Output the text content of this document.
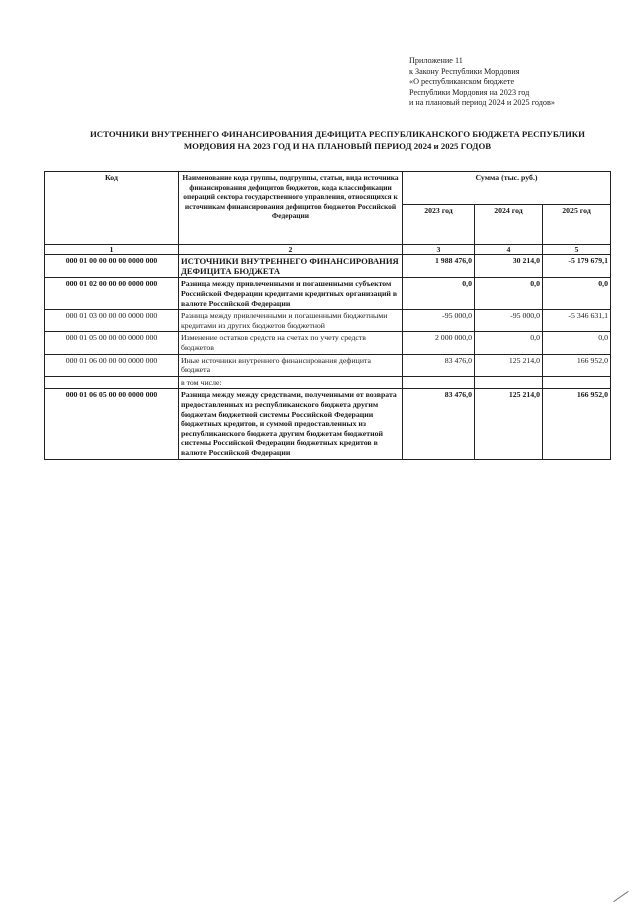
Приложение 11
к Закону Республики Мордовия
«О республиканском бюджете
Республики Мордовия на 2023 год
и на плановый период 2024 и 2025 годов»
ИСТОЧНИКИ ВНУТРЕННЕГО ФИНАНСИРОВАНИЯ ДЕФИЦИТА РЕСПУБЛИКАНСКОГО БЮДЖЕТА РЕСПУБЛИКИ
МОРДОВИЯ НА 2023 ГОД И НА ПЛАНОВЫЙ ПЕРИОД 2024 и 2025 ГОДОВ
Код	Наименование кода группы, подгруппы, статьи, вида источника финансирования дефицитов бюджетов, кода классификации операций сектора государственного управления, относящихся к источникам финансирования дефицитов бюджетов Российской Федерации	Сумма (тыс. руб.)		
		2023 год	2024 год	2025 год
1	2	3	4	5
000 01 00 00 00 00 0000 000	ИСТОЧНИКИ ВНУТРЕННЕГО ФИНАНСИРОВАНИЯ ДЕФИЦИТА БЮДЖЕТА	1 988 476,0	30 214,0	-5 179 679,1
000 01 02 00 00 00 0000 000	Разница между привлеченными и погашенными субъектом Российской Федерации кредитами кредитных организаций в валюте Российской Федерации	0,0	0,0	0,0
000 01 03 00 00 00 0000 000	Разница между привлеченными и погашенными бюджетными кредитами из других бюджетов бюджетной	-95 000,0	-95 000,0	-5 346 631,1
000 01 05 00 00 00 0000 000	Изменение остатков средств на счетах по учету средств бюджетов	2 000 000,0	0,0	0,0
000 01 06 00 00 00 0000 000	Иные источники внутреннего финансирования дефицита бюджета	83 476,0	125 214,0	166 952,0
	в том числе:			
000 01 06 05 00 00 0000 000	Разница между между средствами, полученными от возврата предоставленных из республиканского бюджета другим бюджетам бюджетной системы Российской Федерации бюджетных кредитов, и суммой предоставленных из республиканского бюджета другим бюджетам бюджетной системы Российской Федерации бюджетных кредитов в валюте Российской Федерации	83 476,0	125 214,0	166 952,0
